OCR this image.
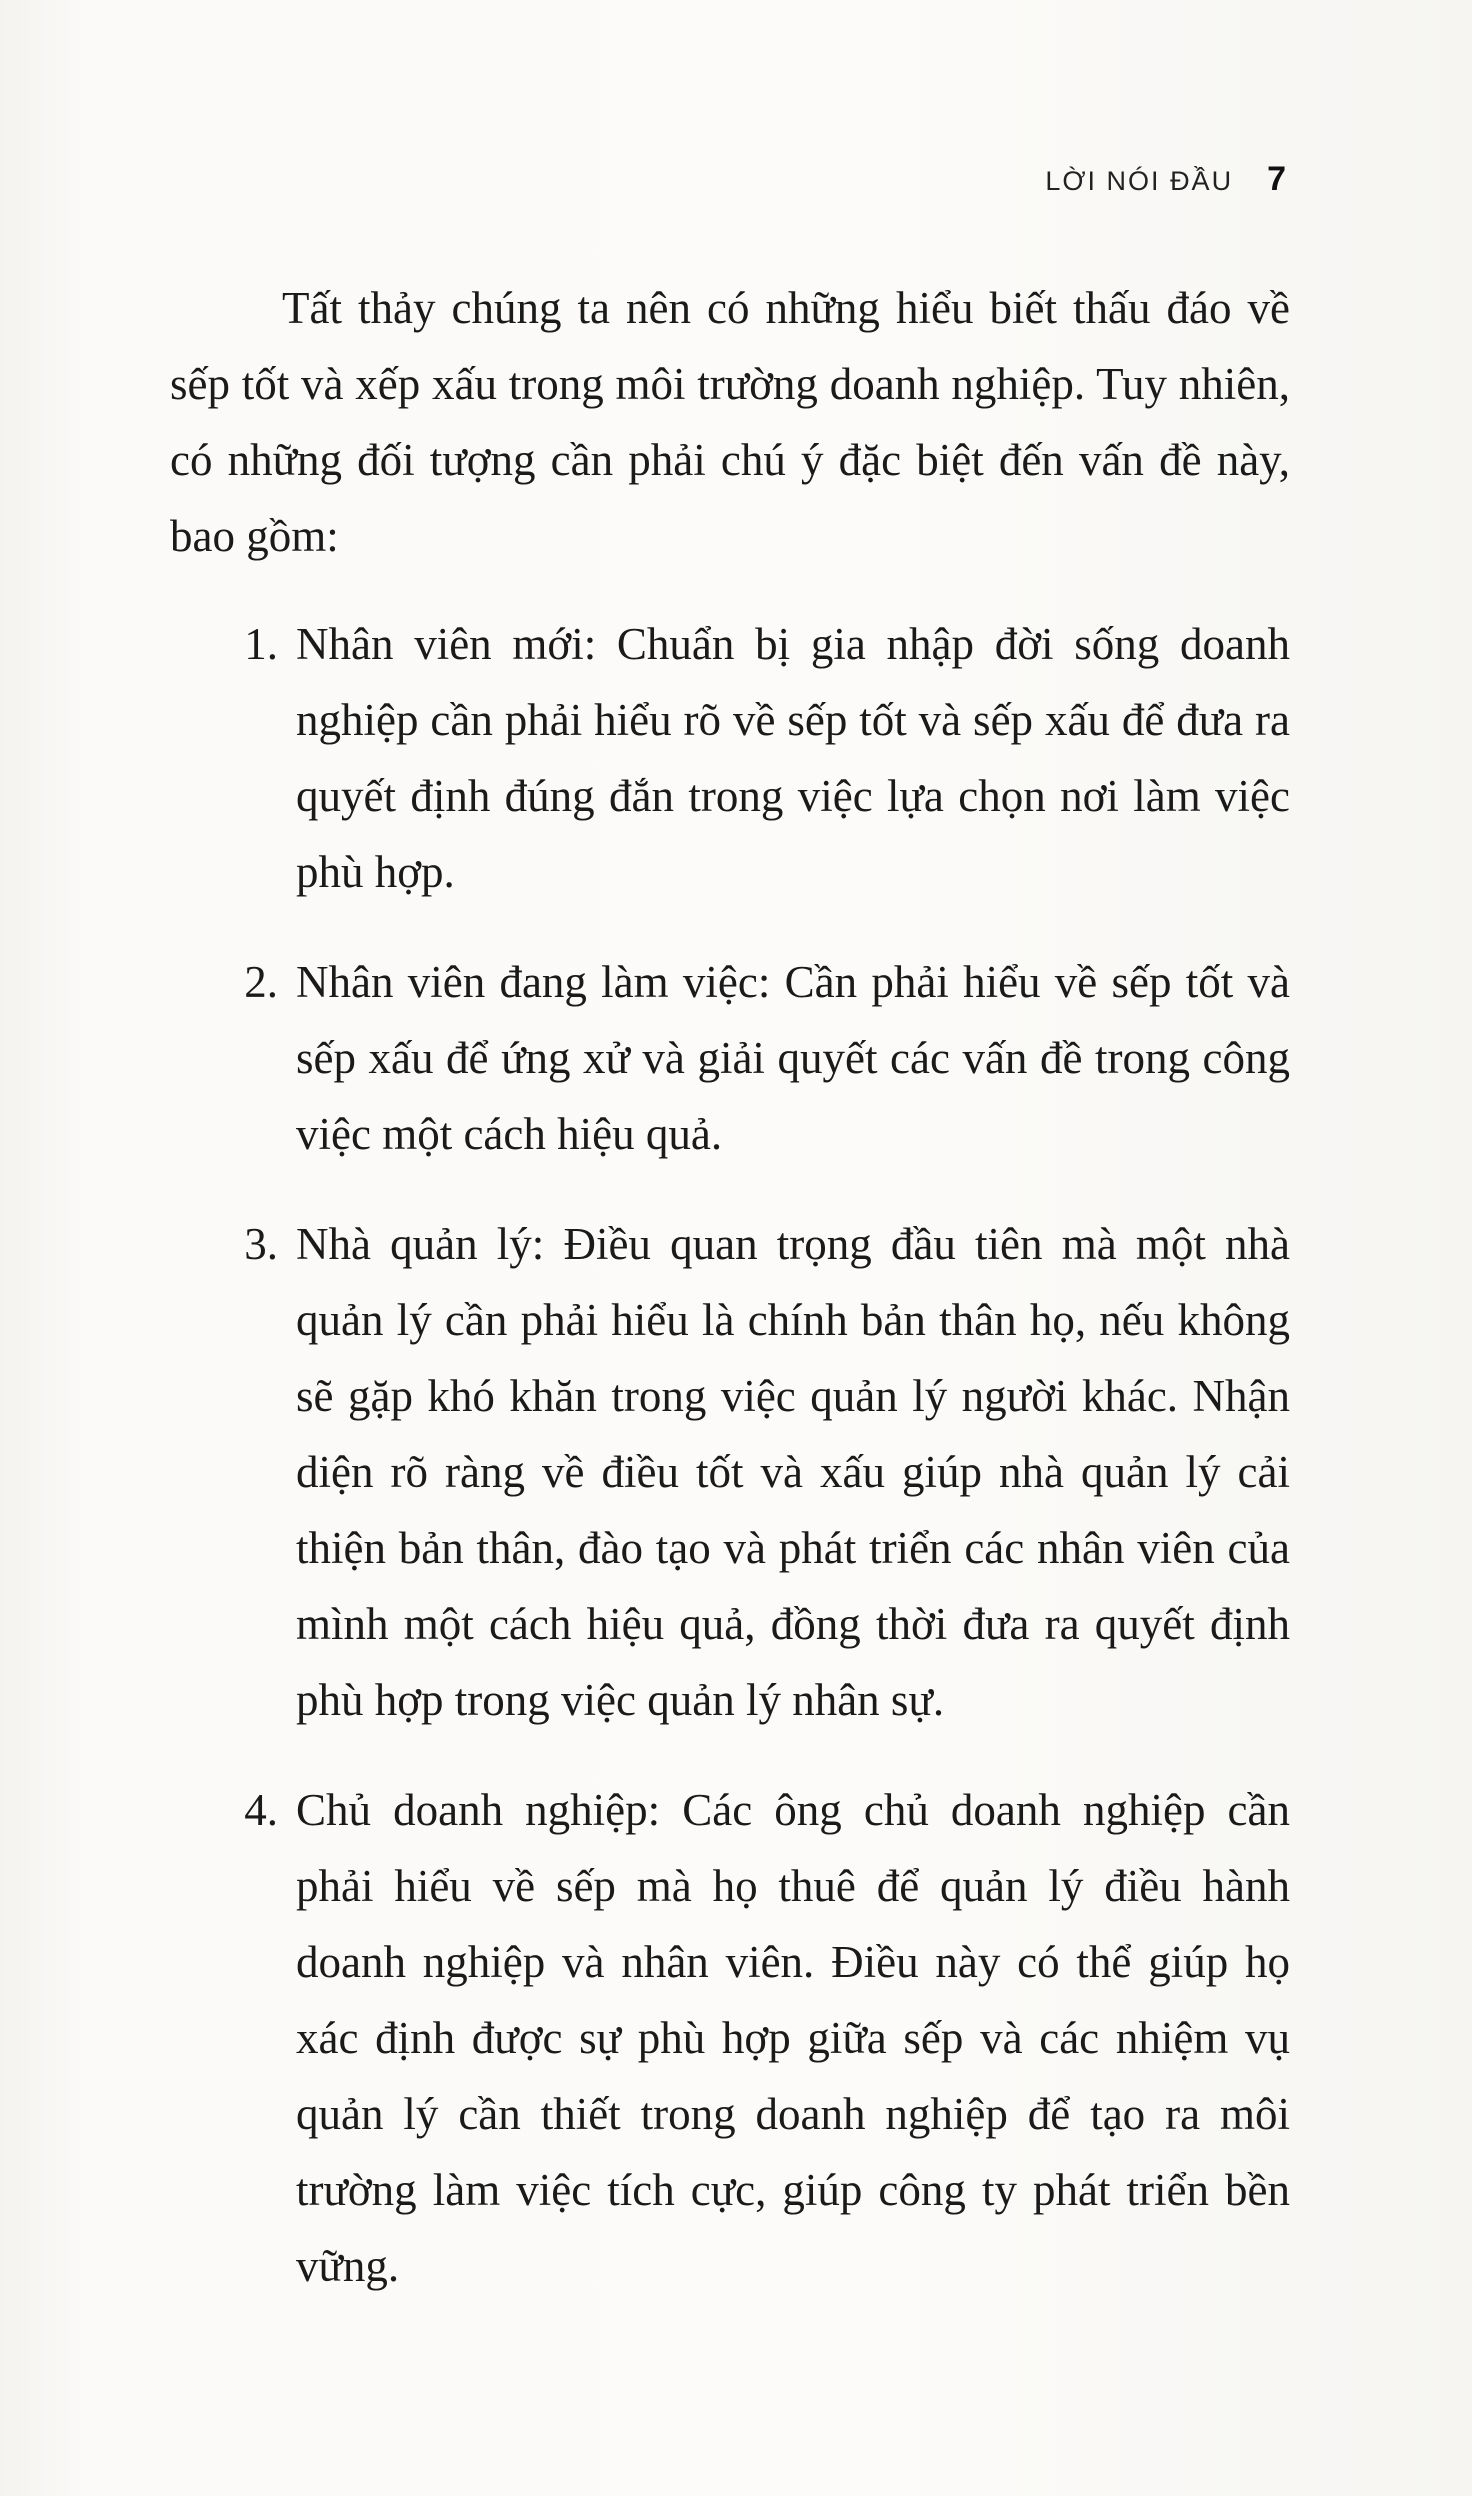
LỜI NÓI ĐẦU 7

Tất thảy chúng ta nên có những hiểu biết thấu đáo về sếp tốt và xếp xấu trong môi trường doanh nghiệp. Tuy nhiên, có những đối tượng cần phải chú ý đặc biệt đến vấn đề này, bao gồm:

1. Nhân viên mới: Chuẩn bị gia nhập đời sống doanh nghiệp cần phải hiểu rõ về sếp tốt và sếp xấu để đưa ra quyết định đúng đắn trong việc lựa chọn nơi làm việc phù hợp.
2. Nhân viên đang làm việc: Cần phải hiểu về sếp tốt và sếp xấu để ứng xử và giải quyết các vấn đề trong công việc một cách hiệu quả.
3. Nhà quản lý: Điều quan trọng đầu tiên mà một nhà quản lý cần phải hiểu là chính bản thân họ, nếu không sẽ gặp khó khăn trong việc quản lý người khác. Nhận diện rõ ràng về điều tốt và xấu giúp nhà quản lý cải thiện bản thân, đào tạo và phát triển các nhân viên của mình một cách hiệu quả, đồng thời đưa ra quyết định phù hợp trong việc quản lý nhân sự.
4. Chủ doanh nghiệp: Các ông chủ doanh nghiệp cần phải hiểu về sếp mà họ thuê để quản lý điều hành doanh nghiệp và nhân viên. Điều này có thể giúp họ xác định được sự phù hợp giữa sếp và các nhiệm vụ quản lý cần thiết trong doanh nghiệp để tạo ra môi trường làm việc tích cực, giúp công ty phát triển bền vững.
